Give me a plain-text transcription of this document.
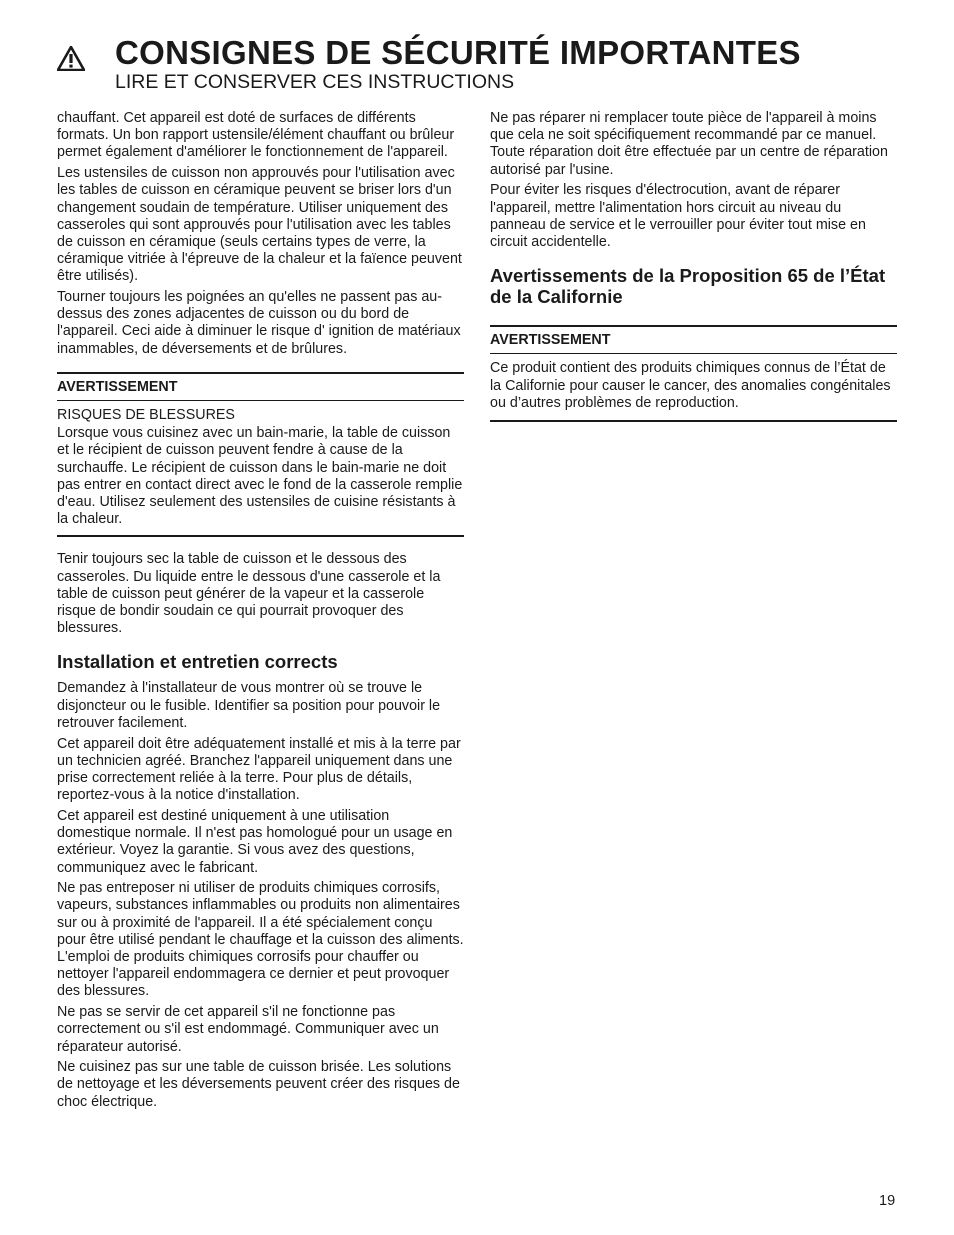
CONSIGNES DE SÉCURITÉ IMPORTANTES
LIRE ET CONSERVER CES INSTRUCTIONS

chauffant. Cet appareil est doté de surfaces de différents formats. Un bon rapport ustensile/élément chauffant ou brûleur permet également d'améliorer le fonctionnement de l'appareil.

Les ustensiles de cuisson non approuvés pour l'utilisation avec les tables de cuisson en céramique peuvent se briser lors d'un changement soudain de température. Utiliser uniquement des casseroles qui sont approuvés pour l'utilisation avec les tables de cuisson en céramique (seuls certains types de verre, la céramique vitriée à l'épreuve de la chaleur et la faïence peuvent être utilisés).

Tourner toujours les poignées an qu'elles ne passent pas au-dessus des zones adjacentes de cuisson ou du bord de l'appareil. Ceci aide à diminuer le risque d' ignition de matériaux inammables, de déversements et de brûlures.

AVERTISSEMENT

RISQUES DE BLESSURES

Lorsque vous cuisinez avec un bain-marie, la table de cuisson et le récipient de cuisson peuvent fendre à cause de la surchauffe. Le récipient de cuisson dans le bain-marie ne doit pas entrer en contact direct avec le fond de la casserole remplie d'eau. Utilisez seulement des ustensiles de cuisine résistants à la chaleur.

Tenir toujours sec la table de cuisson et le dessous des casseroles. Du liquide entre le dessous d'une casserole et la table de cuisson peut générer de la vapeur et la casserole risque de bondir soudain ce qui pourrait provoquer des blessures.

Installation et entretien corrects

Demandez à l'installateur de vous montrer où se trouve le disjoncteur ou le fusible. Identifier sa position pour pouvoir le retrouver facilement.

Cet appareil doit être adéquatement installé et mis à la terre par un technicien agréé. Branchez l'appareil uniquement dans une prise correctement reliée à la terre. Pour plus de détails, reportez-vous à la notice d'installation.

Cet appareil est destiné uniquement à une utilisation domestique normale. Il n'est pas homologué pour un usage en extérieur. Voyez la garantie. Si vous avez des questions, communiquez avec le fabricant.

Ne pas entreposer ni utiliser de produits chimiques corrosifs, vapeurs, substances inflammables ou produits non alimentaires sur ou à proximité de l'appareil. Il a été spécialement conçu pour être utilisé pendant le chauffage et la cuisson des aliments. L'emploi de produits chimiques corrosifs pour chauffer ou nettoyer l'appareil endommagera ce dernier et peut provoquer des blessures.

Ne pas se servir de cet appareil s'il ne fonctionne pas correctement ou s'il est endommagé. Communiquer avec un réparateur autorisé.

Ne cuisinez pas sur une table de cuisson brisée. Les solutions de nettoyage et les déversements peuvent créer des risques de choc électrique.

Ne pas réparer ni remplacer toute pièce de l'appareil à moins que cela ne soit spécifiquement recommandé par ce manuel. Toute réparation doit être effectuée par un centre de réparation autorisé par l'usine.

Pour éviter les risques d'électrocution, avant de réparer l'appareil, mettre l'alimentation hors circuit au niveau du panneau de service et le verrouiller pour éviter tout mise en circuit accidentelle.

Avertissements de la Proposition 65 de l’État de la Californie
AVERTISSEMENT

Ce produit contient des produits chimiques connus de l’État de la Californie pour causer le cancer, des anomalies congénitales ou d’autres problèmes de reproduction.

19
